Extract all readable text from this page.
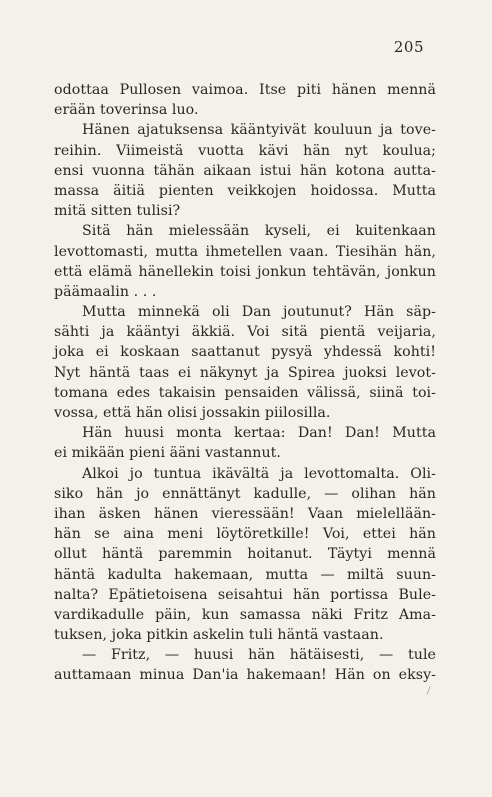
205
odottaa Pullosen vaimoa. Itse piti hänen mennä
erään toverinsa luo.
Hänen ajatuksensa kääntyivät kouluun ja tove-
reihin. Viimeistä vuotta kävi hän nyt koulua;
ensi vuonna tähän aikaan istui hän kotona autta-
massa äitiä pienten veikkojen hoidossa. Mutta
mitä sitten tulisi?
Sitä hän mielessään kyseli, ei kuitenkaan
levottomasti, mutta ihmetellen vaan. Tiesihän hän,
että elämä hänellekin toisi jonkun tehtävän, jonkun
päämaalin . . .
Mutta minnekä oli Dan joutunut? Hän säp-
sähti ja kääntyi äkkiä. Voi sitä pientä veijaria,
joka ei koskaan saattanut pysyä yhdessä kohti!
Nyt häntä taas ei näkynyt ja Spirea juoksi levot-
tomana edes takaisin pensaiden välissä, siinä toi-
vossa, että hän olisi jossakin piilosilla.
Hän huusi monta kertaa: Dan! Dan! Mutta
ei mikään pieni ääni vastannut.
Alkoi jo tuntua ikävältä ja levottomalta. Oli-
siko hän jo ennättänyt kadulle, — olihan hän
ihan äsken hänen vieressään! Vaan mielellään-
hän se aina meni löytöretkille! Voi, ettei hän
ollut häntä paremmin hoitanut. Täytyi mennä
häntä kadulta hakemaan, mutta — miltä suun-
nalta? Epätietoisena seisahtui hän portissa Bule-
vardikadulle päin, kun samassa näki Fritz Ama-
tuksen, joka pitkin askelin tuli häntä vastaan.
— Fritz, — huusi hän hätäisesti, — tule
auttamaan minua Dan'ia hakemaan! Hän on eksy-
